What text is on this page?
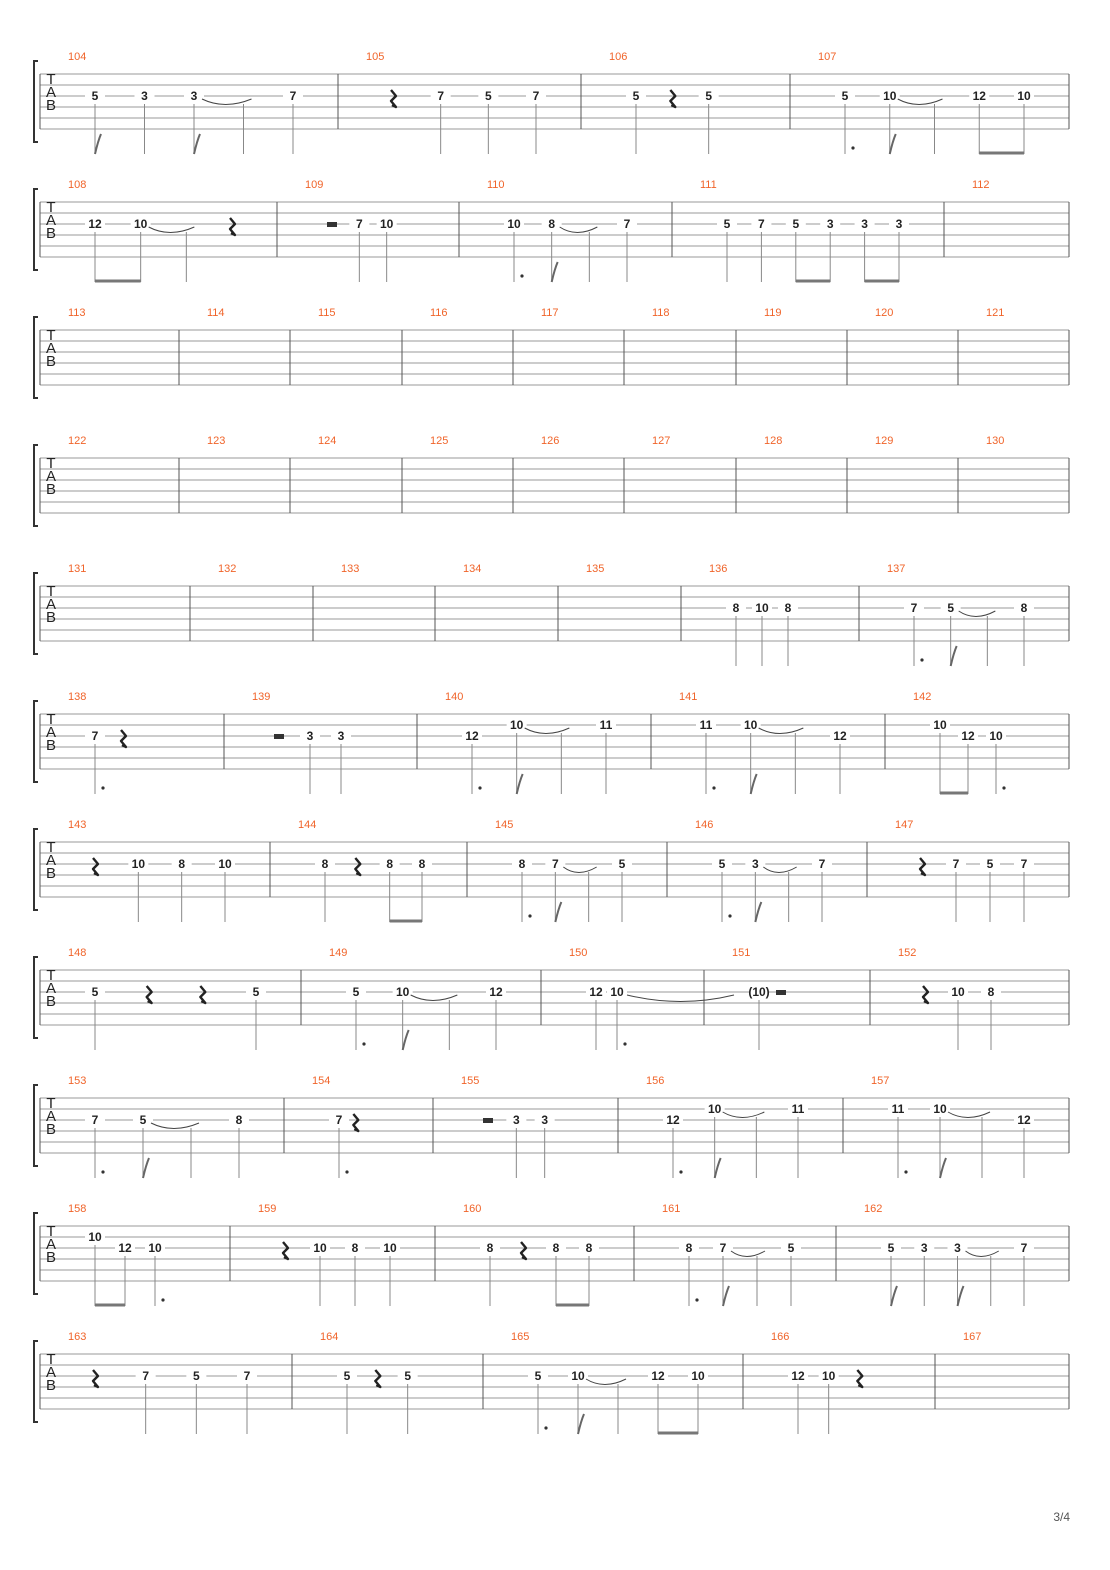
T
A
B
104
5	3	3	7
105
7	5	7
106
5	5
107
5	10	12	10
T
A
B
108
12	10
109
7 10
110
10 8	7
111
5 7 5 3 3 3
112
T
A
B
113	114	115	116	117	118	119	120	121
T
A
B
122	123	124	125	126	127	128	129	130
T
A
B
131	132	133	134	135	136
8 10 8
137
7 5	8
T
A
B
138
7
139
3 3
140
12
10	11
141
11	10
12
142
10
12 10
T
A
B
143
10	8	10
144
8	8 8
145
8 7	5
146
5 3	7
147
7 5 7
T
A
B
148
5	5
149
5	10	12
150
12 10
151
(10)
152
10 8
T
A
B
153
7	5	8
154
7
155
3 3
156
12
10	11
157
11 10
12
T
A
B
158
10
12 10
159
10 8 10
160
8	8 8
161
8 7	5
162
5 3 3	7
T
A
B
163
7	5	7
164
5	5
165
5 10	12 10
166
12 10
167
3/4
